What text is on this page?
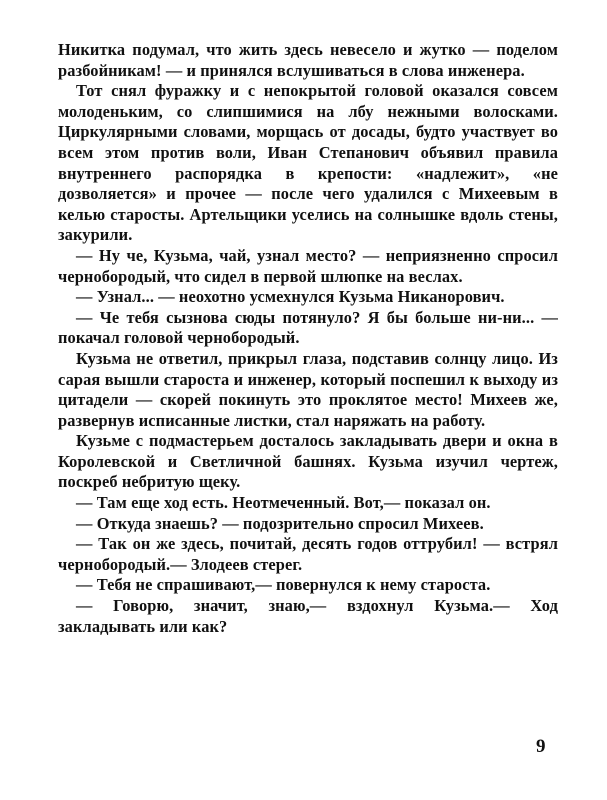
Никитка подумал, что жить здесь невесело и жутко — поделом разбойникам! — и принялся вслушиваться в слова инженера.

Тот снял фуражку и с непокрытой головой оказался совсем молоденьким, со слипшимися на лбу нежными волосками. Циркулярными словами, морщась от досады, будто участвует во всем этом против воли, Иван Степанович объявил правила внутреннего распорядка в крепости: «надлежит», «не дозволяется» и прочее — после чего удалился с Михеевым в келью старосты. Артельщики уселись на солнышке вдоль стены, закурили.

— Ну че, Кузьма, чай, узнал место? — неприязненно спросил чернобородый, что сидел в первой шлюпке на веслах.

— Узнал... — неохотно усмехнулся Кузьма Никанорович.

— Че тебя сызнова сюды потянуло? Я бы больше ни-ни... — покачал головой чернобородый.

Кузьма не ответил, прикрыл глаза, подставив солнцу лицо. Из сарая вышли староста и инженер, который поспешил к выходу из цитадели — скорей покинуть это проклятое место! Михеев же, развернув исписанные листки, стал наряжать на работу.

Кузьме с подмастерьем досталось закладывать двери и окна в Королевской и Светличной башнях. Кузьма изучил чертеж, поскреб небритую щеку.

— Там еще ход есть. Неотмеченный. Вот,— показал он.

— Откуда знаешь? — подозрительно спросил Михеев.

— Так он же здесь, почитай, десять годов оттрубил! — встрял чернобородый.— Злодеев стерег.

— Тебя не спрашивают,— повернулся к нему староста.

— Говорю, значит, знаю,— вздохнул Кузьма.— Ход закладывать или как?

9
